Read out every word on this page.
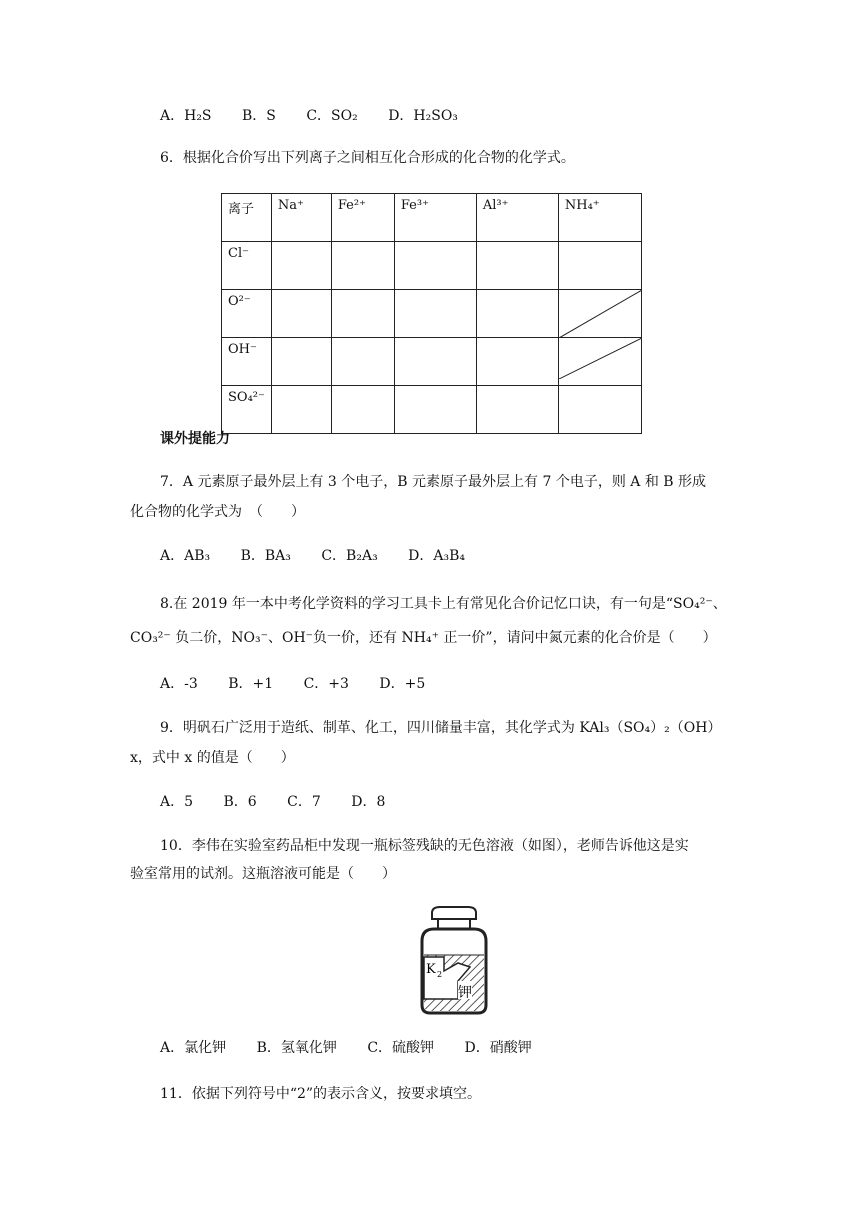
A．H₂S B．S C．SO₂ D．H₂SO₃
6．根据化合价写出下列离子之间相互化合形成的化合物的化学式。
离子	Na⁺	Fe²⁺	Fe³⁺	Al³⁺	NH₄⁺
Cl⁻					
O²⁻					

OH⁻					

SO₄²⁻					
课外提能力
7．A 元素原子最外层上有 3 个电子，B 元素原子最外层上有 7 个电子，则 A 和 B 形成
化合物的化学式为　（　　）
A．AB₃ B．BA₃ C．B₂A₃ D．A₃B₄
8.在 2019 年一本中考化学资料的学习工具卡上有常见化合价记忆口诀，有一句是“SO₄²⁻、
CO₃²⁻ 负二价，NO₃⁻、OH⁻负一价，还有 NH₄⁺ 正一价”，请问中氮元素的化合价是（　　）
A．-3 B．+1 C．+3 D．+5
9．明矾石广泛用于造纸、制革、化工，四川储量丰富，其化学式为 KAl₃（SO₄）₂（OH）
x，式中 x 的值是（　　）
A．5 B．6 C．7 D．8
10．李伟在实验室药品柜中发现一瓶标签残缺的无色溶液（如图），老师告诉他这是实
验室常用的试剂。这瓶溶液可能是（　　）
K 2
钾
A．氯化钾 B．氢氧化钾 C．硫酸钾 D．硝酸钾
11．依据下列符号中“2”的表示含义，按要求填空。
